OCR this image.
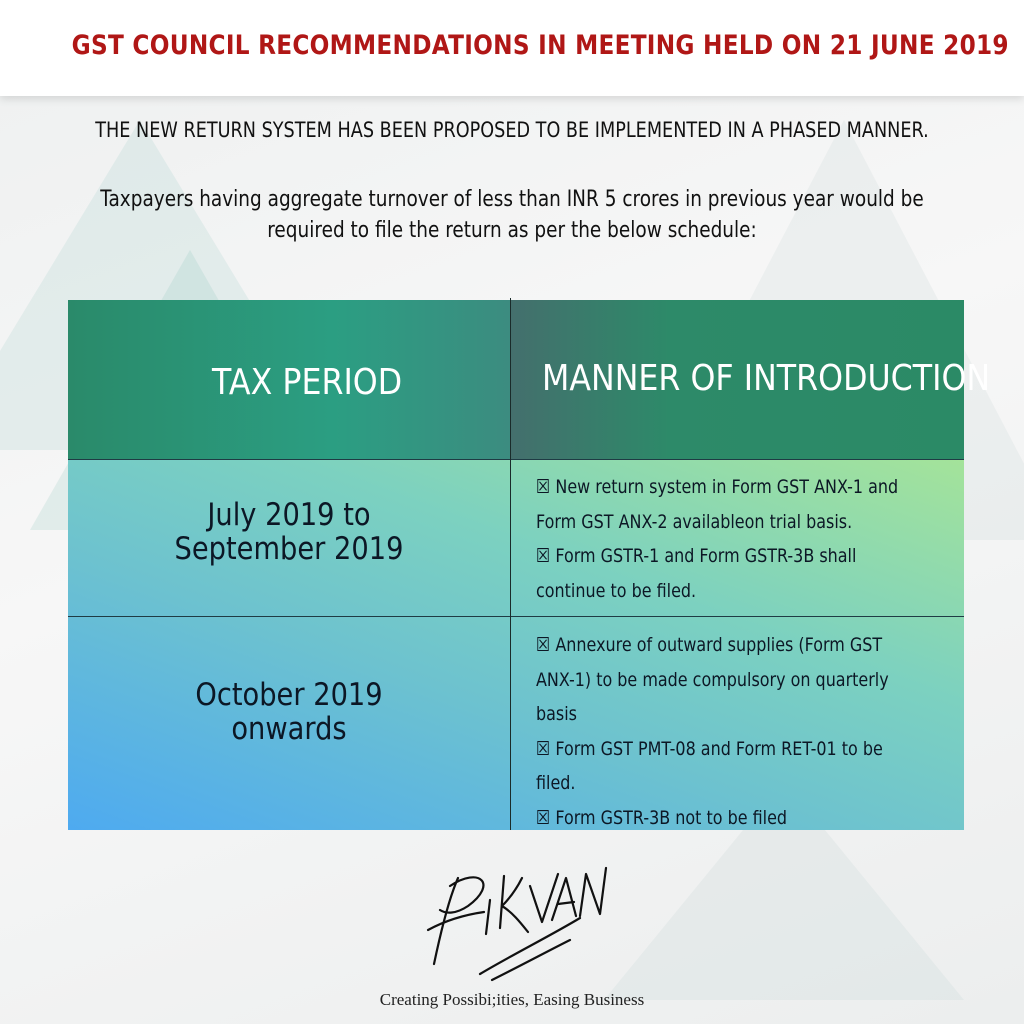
GST COUNCIL RECOMMENDATIONS IN MEETING HELD ON 21 JUNE 2019
THE NEW RETURN SYSTEM HAS BEEN PROPOSED TO BE IMPLEMENTED IN A PHASED MANNER.
Taxpayers having aggregate turnover of less than INR 5 crores in previous year would be
required to file the return as per the below schedule:
TAX PERIOD	MANNER OF INTRODUCTION
July 2019 to
September 2019
☒ New return system in Form GST ANX-1 and
Form GST ANX-2 availableon trial basis.
☒ Form GSTR-1 and Form GSTR-3B shall
continue to be filed.
October 2019
onwards
☒ Annexure of outward supplies (Form GST
ANX-1) to be made compulsory on quarterly
basis
☒ Form GST PMT-08 and Form RET-01 to be
filed.
☒ Form GSTR-3B not to be filed
Creating Possibi;ities, Easing Business
